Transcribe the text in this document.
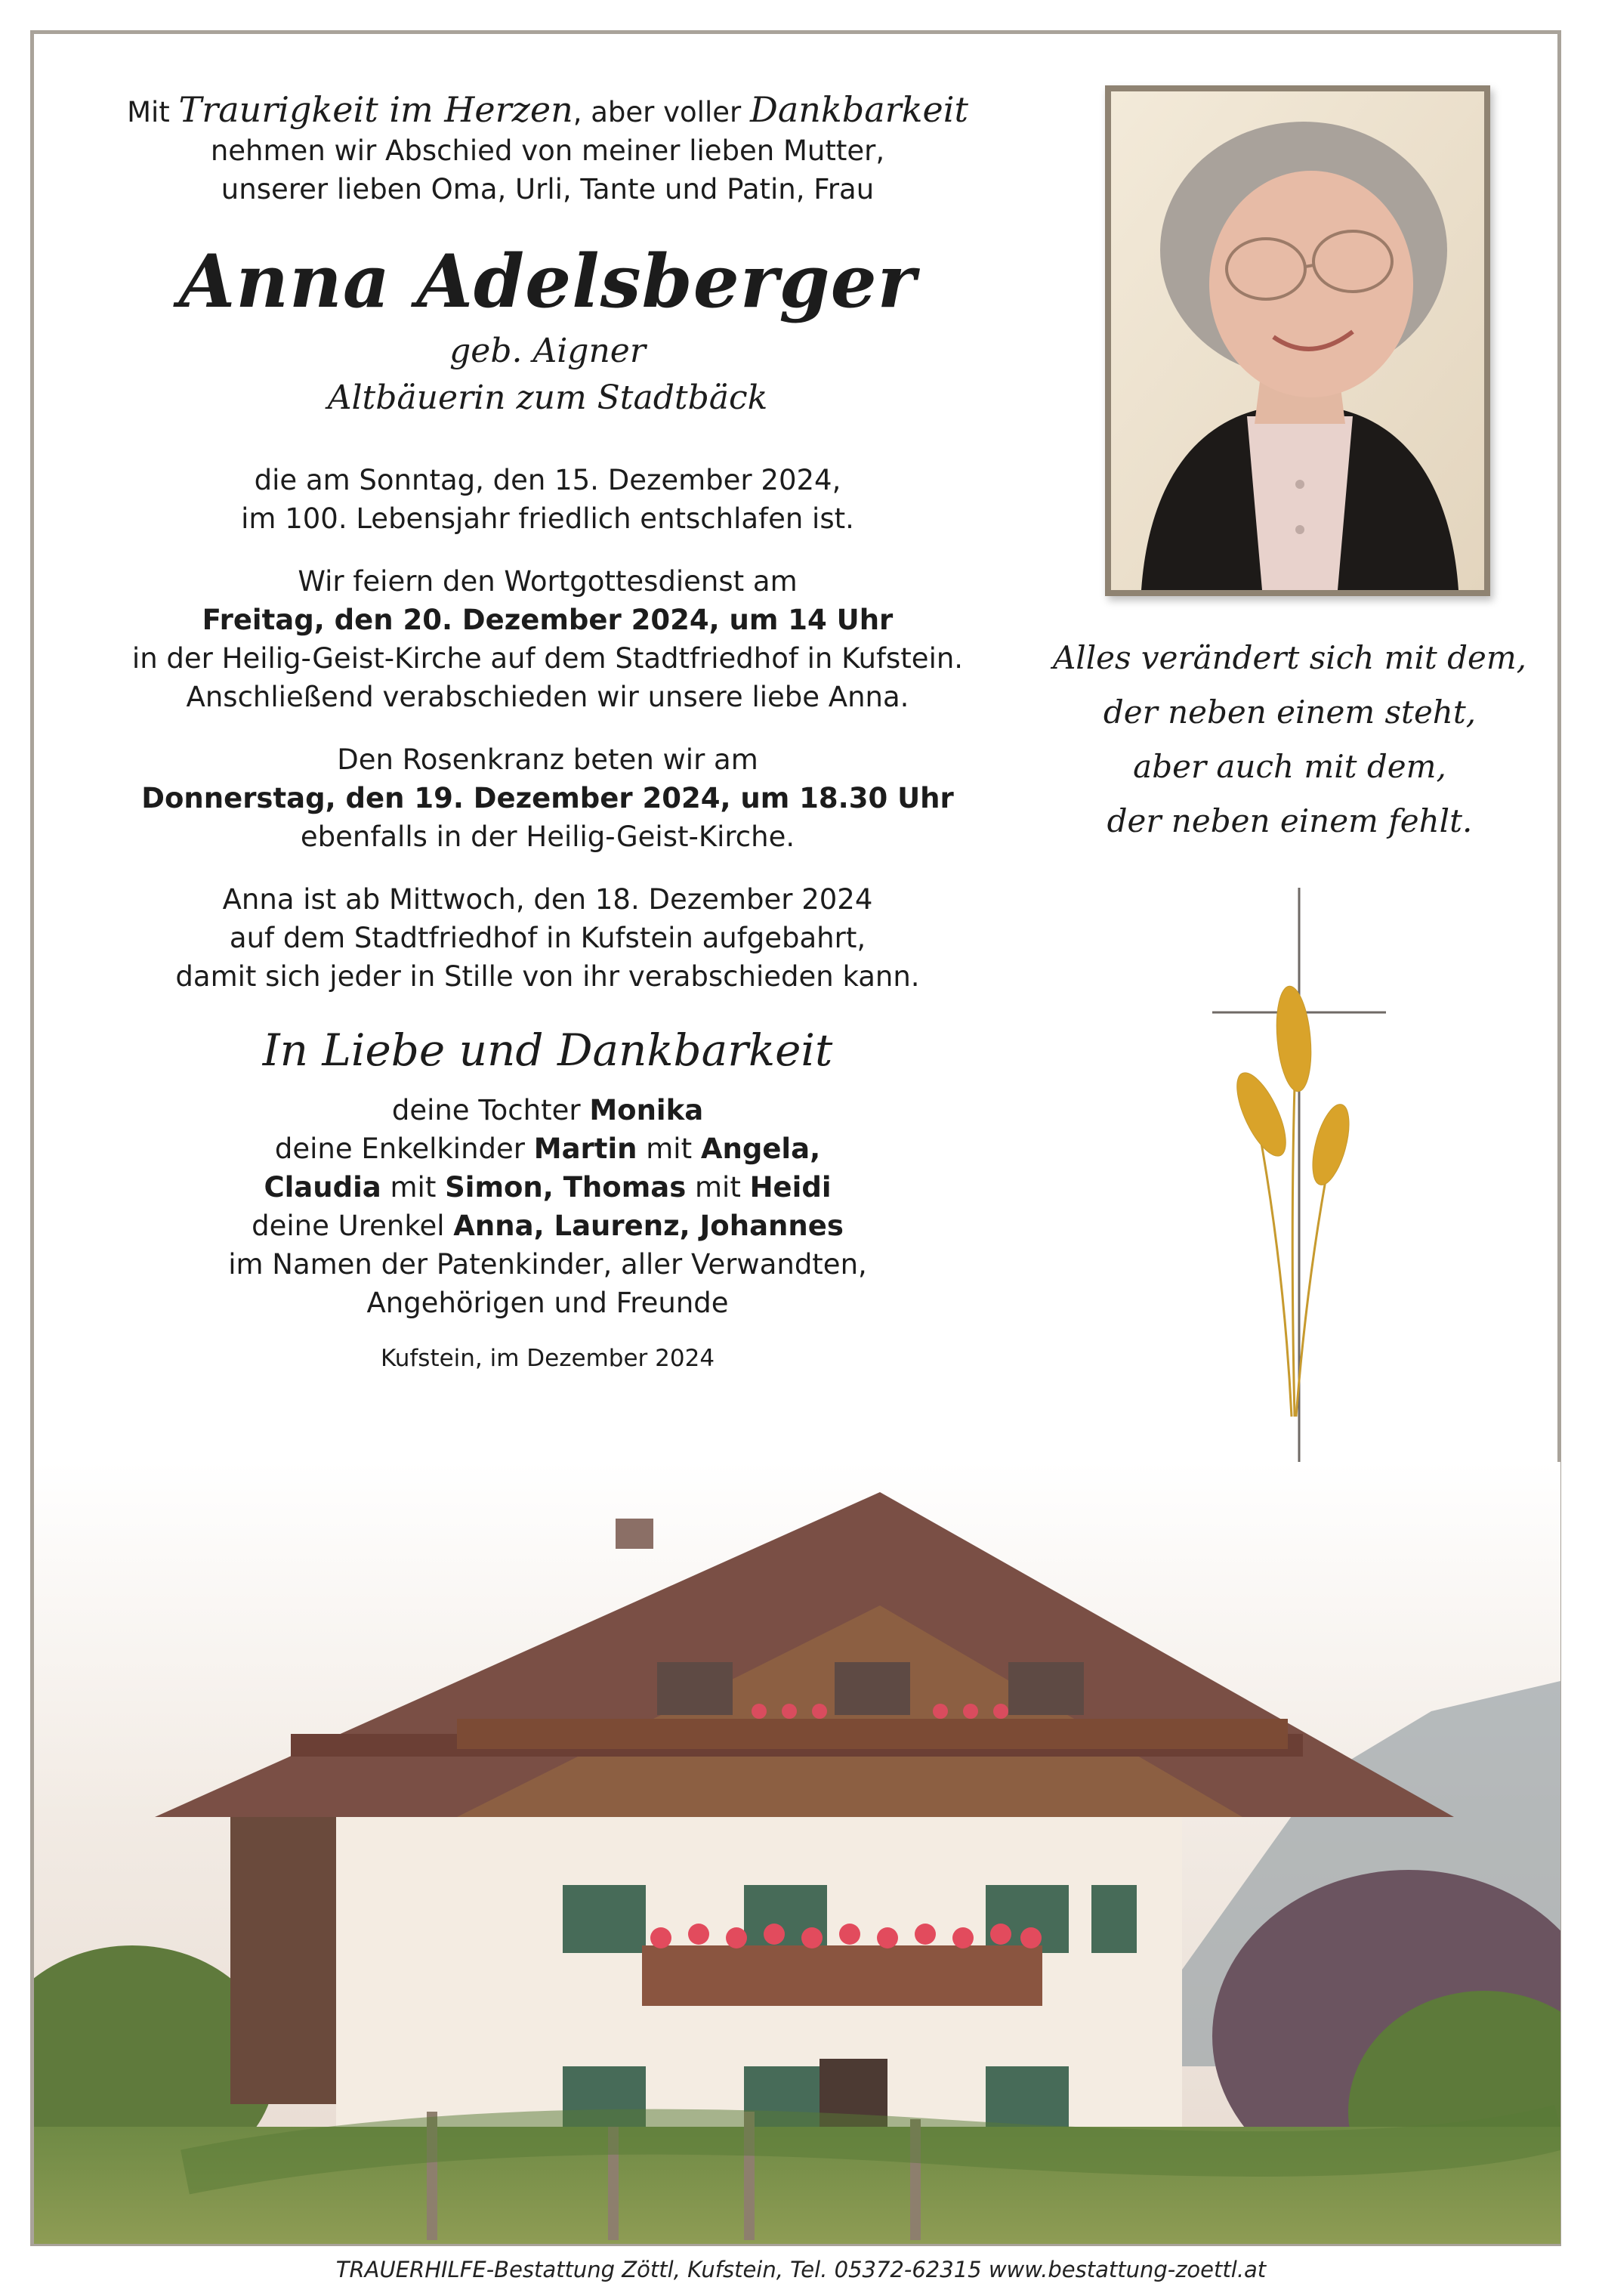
Mit Traurigkeit im Herzen, aber voller Dankbarkeit

nehmen wir Abschied von meiner lieben Mutter,

unserer lieben Oma, Urli, Tante und Patin, Frau

Anna Adelsberger

geb. Aigner

Altbäuerin zum Stadtbäck

die am Sonntag, den 15. Dezember 2024,

im 100. Lebensjahr friedlich entschlafen ist.

Wir feiern den Wortgottesdienst am

Freitag, den 20. Dezember 2024, um 14 Uhr

in der Heilig-Geist-Kirche auf dem Stadtfriedhof in Kufstein.

Anschließend verabschieden wir unsere liebe Anna.

Den Rosenkranz beten wir am

Donnerstag, den 19. Dezember 2024, um 18.30 Uhr

ebenfalls in der Heilig-Geist-Kirche.

Anna ist ab Mittwoch, den 18. Dezember 2024

auf dem Stadtfriedhof in Kufstein aufgebahrt,

damit sich jeder in Stille von ihr verabschieden kann.

In Liebe und Dankbarkeit

deine Tochter Monika

deine Enkelkinder Martin mit Angela,

Claudia mit Simon, Thomas mit Heidi

deine Urenkel Anna, Laurenz, Johannes

im Namen der Patenkinder, aller Verwandten,

Angehörigen und Freunde

Kufstein, im Dezember 2024

Alles verändert sich mit dem,
der neben einem steht,
aber auch mit dem,
der neben einem fehlt.
TRAUERHILFE-Bestattung Zöttl, Kufstein, Tel. 05372-62315 www.bestattung-zoettl.at
